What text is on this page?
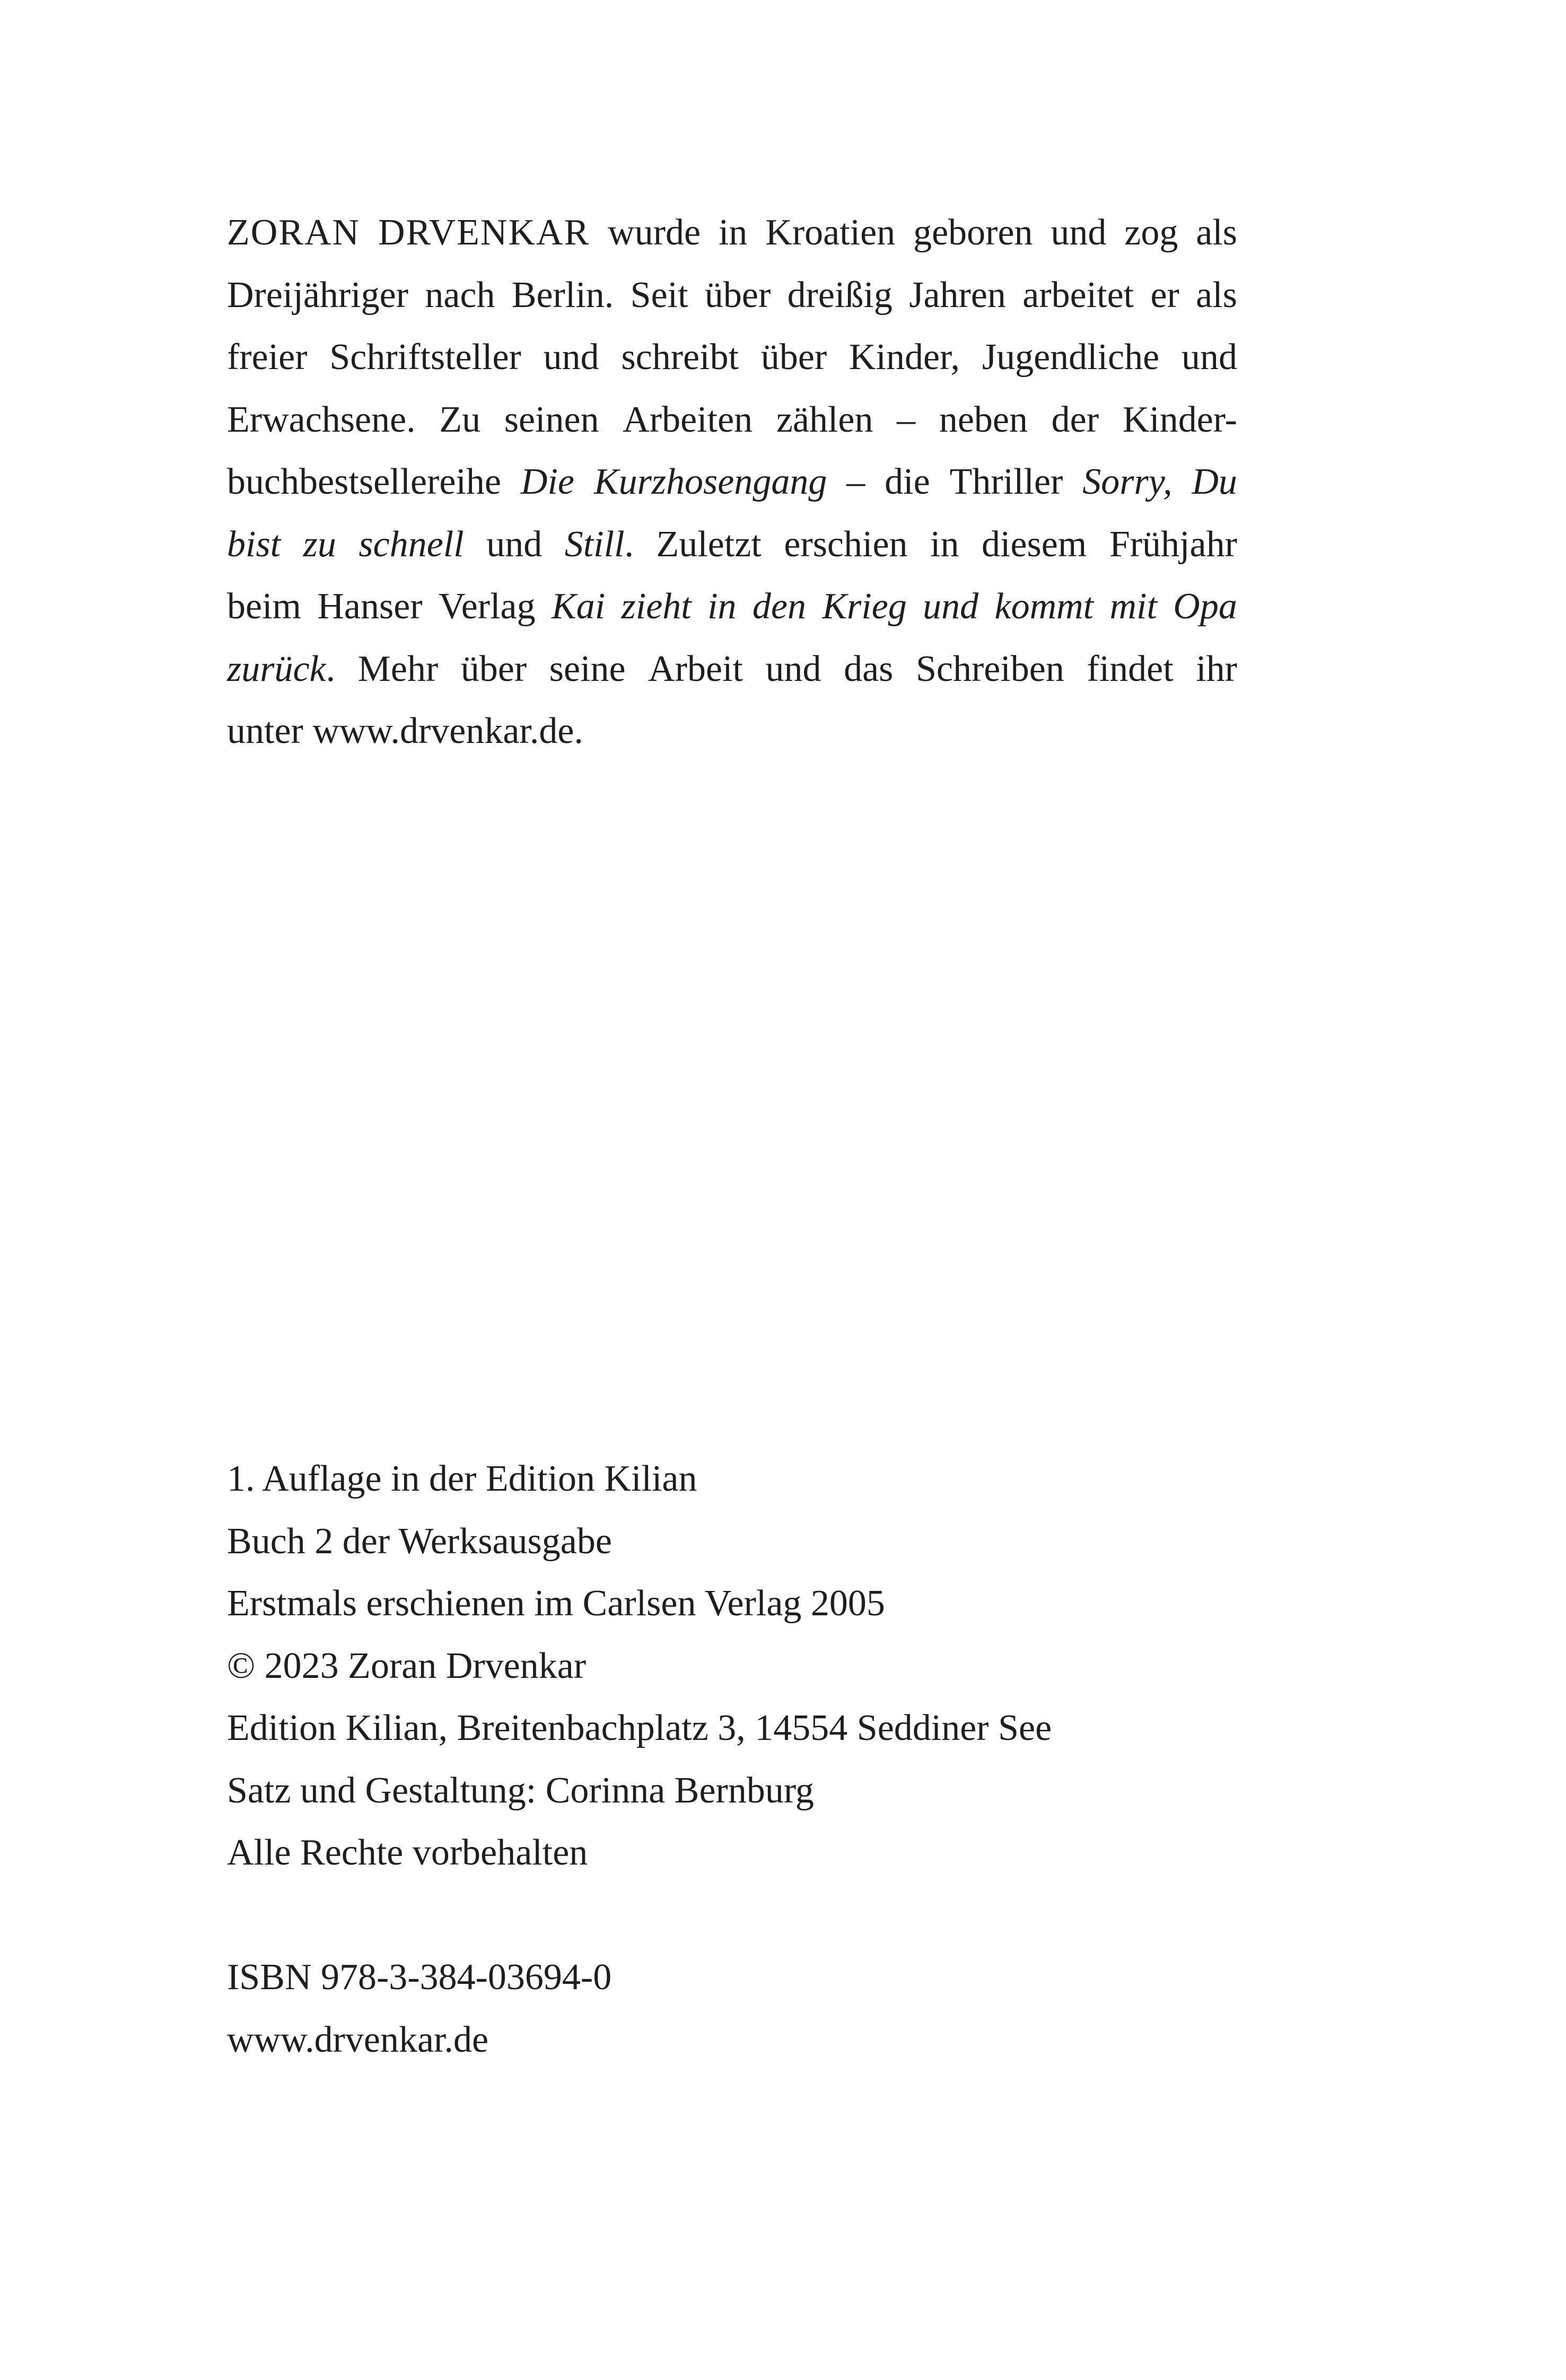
ZORAN DRVENKAR wurde in Kroatien geboren und zog als
Dreijähriger nach Berlin. Seit über dreißig Jahren arbeitet er als
freier Schriftsteller und schreibt über Kinder, Jugendliche und
Erwachsene. Zu seinen Arbeiten zählen – neben der Kinder-
buchbestsellereihe Die Kurzhosengang – die Thriller Sorry, Du
bist zu schnell und Still. Zuletzt erschien in diesem Frühjahr
beim Hanser Verlag Kai zieht in den Krieg und kommt mit Opa
zurück. Mehr über seine Arbeit und das Schreiben findet ihr
unter www.drvenkar.de.
1. Auflage in der Edition Kilian
Buch 2 der Werksausgabe
Erstmals erschienen im Carlsen Verlag 2005
© 2023 Zoran Drvenkar
Edition Kilian, Breitenbachplatz 3, 14554 Seddiner See
Satz und Gestaltung: Corinna Bernburg
Alle Rechte vorbehalten
ISBN 978-3-384-03694-0
www.drvenkar.de
